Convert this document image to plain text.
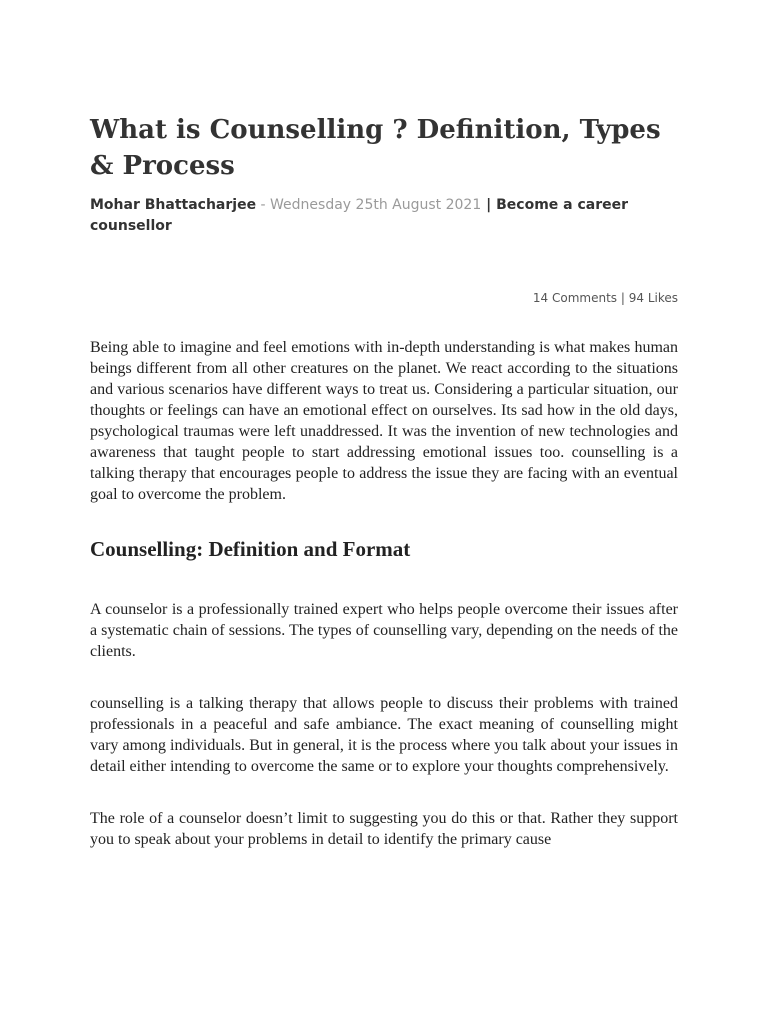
What is Counselling ? Definition, Types & Process
Mohar Bhattacharjee - Wednesday 25th August 2021 | Become a career counsellor
14 Comments | 94 Likes

Being able to imagine and feel emotions with in-depth understanding is what makes human beings different from all other creatures on the planet. We react according to the situations and various scenarios have different ways to treat us. Considering a particular situation, our thoughts or feelings can have an emotional effect on ourselves. Its sad how in the old days, psychological traumas were left unaddressed. It was the invention of new technologies and awareness that taught people to start addressing emotional issues too. counselling is a talking therapy that encourages people to address the issue they are facing with an eventual goal to overcome the problem.

Counselling: Definition and Format

A counselor is a professionally trained expert who helps people overcome their issues after a systematic chain of sessions. The types of counselling vary, depending on the needs of the clients.

counselling is a talking therapy that allows people to discuss their problems with trained professionals in a peaceful and safe ambiance. The exact meaning of counselling might vary among individuals. But in general, it is the process where you talk about your issues in detail either intending to overcome the same or to explore your thoughts comprehensively.

The role of a counselor doesn’t limit to suggesting you do this or that. Rather they support you to speak about your problems in detail to identify the primary cause
